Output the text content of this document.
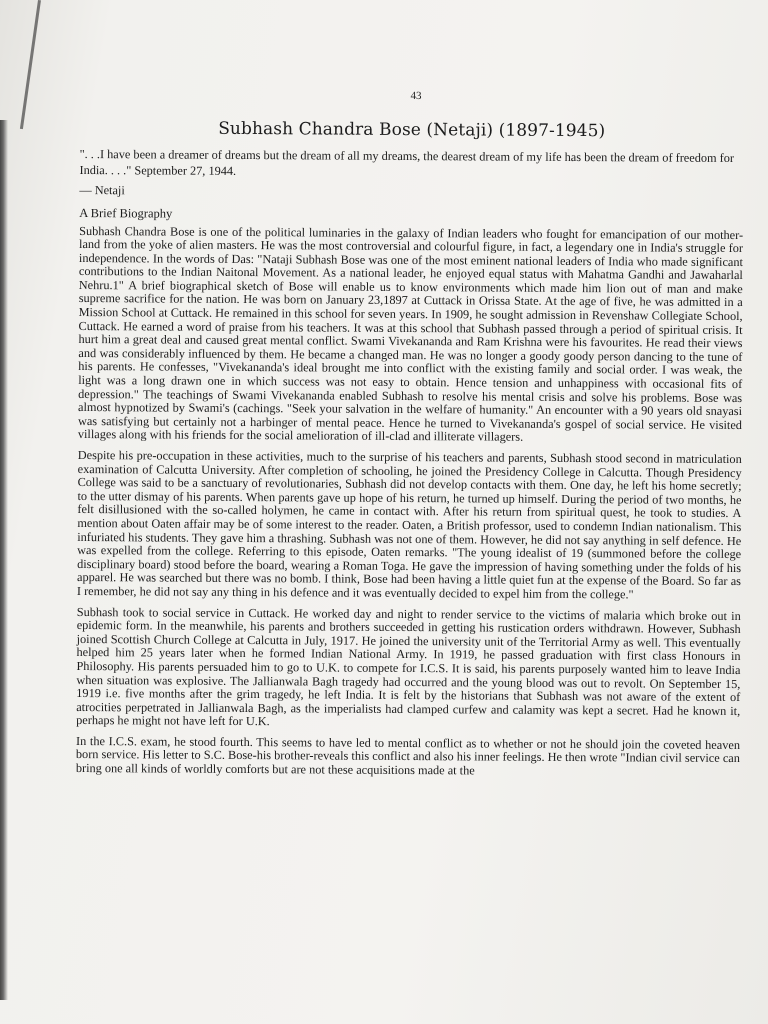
43
Subhash Chandra Bose (Netaji) (1897-1945)

". . .I have been a dreamer of dreams but the dream of all my dreams, the dearest dream of my life has been the dream of freedom for India. . . ." September 27, 1944.

— Netaji

A Brief Biography

Subhash Chandra Bose is one of the political luminaries in the galaxy of Indian leaders who fought for emancipation of our mother-land from the yoke of alien masters. He was the most controversial and colourful figure, in fact, a legendary one in India's struggle for independence. In the words of Das: "Nataji Subhash Bose was one of the most eminent national leaders of India who made significant contributions to the Indian Naitonal Movement. As a national leader, he enjoyed equal status with Mahatma Gandhi and Jawaharlal Nehru.1" A brief biographical sketch of Bose will enable us to know environments which made him lion out of man and make supreme sacrifice for the nation. He was born on January 23,1897 at Cuttack in Orissa State. At the age of five, he was admitted in a Mission School at Cuttack. He remained in this school for seven years. In 1909, he sought admission in Revenshaw Collegiate School, Cuttack. He earned a word of praise from his teachers. It was at this school that Subhash passed through a period of spiritual crisis. It hurt him a great deal and caused great mental conflict. Swami Vivekananda and Ram Krishna were his favourites. He read their views and was considerably influenced by them. He became a changed man. He was no longer a goody goody person dancing to the tune of his parents. He confesses, "Vivekananda's ideal brought me into conflict with the existing family and social order. I was weak, the light was a long drawn one in which success was not easy to obtain. Hence tension and unhappiness with occasional fits of depression." The teachings of Swami Vivekananda enabled Subhash to resolve his mental crisis and solve his problems. Bose was almost hypnotized by Swami's (cachings. "Seek your salvation in the welfare of humanity." An encounter with a 90 years old snayasi was satisfying but certainly not a harbinger of mental peace. Hence he turned to Vivekananda's gospel of social service. He visited villages along with his friends for the social amelioration of ill-clad and illiterate villagers.

Despite his pre-occupation in these activities, much to the surprise of his teachers and parents, Subhash stood second in matriculation examination of Calcutta University. After completion of schooling, he joined the Presidency College in Calcutta. Though Presidency College was said to be a sanctuary of revolutionaries, Subhash did not develop contacts with them. One day, he left his home secretly; to the utter dismay of his parents. When parents gave up hope of his return, he turned up himself. During the period of two months, he felt disillusioned with the so-called holymen, he came in contact with. After his return from spiritual quest, he took to studies. A mention about Oaten affair may be of some interest to the reader. Oaten, a British professor, used to condemn Indian nationalism. This infuriated his students. They gave him a thrashing. Subhash was not one of them. However, he did not say anything in self defence. He was expelled from the college. Referring to this episode, Oaten remarks. "The young idealist of 19 (summoned before the college disciplinary board) stood before the board, wearing a Roman Toga. He gave the impression of having something under the folds of his apparel. He was searched but there was no bomb. I think, Bose had been having a little quiet fun at the expense of the Board. So far as I remember, he did not say any thing in his defence and it was eventually decided to expel him from the college."

Subhash took to social service in Cuttack. He worked day and night to render service to the victims of malaria which broke out in epidemic form. In the meanwhile, his parents and brothers succeeded in getting his rustication orders withdrawn. However, Subhash joined Scottish Church College at Calcutta in July, 1917. He joined the university unit of the Territorial Army as well. This eventually helped him 25 years later when he formed Indian National Army. In 1919, he passed graduation with first class Honours in Philosophy. His parents persuaded him to go to U.K. to compete for I.C.S. It is said, his parents purposely wanted him to leave India when situation was explosive. The Jallianwala Bagh tragedy had occurred and the young blood was out to revolt. On September 15, 1919 i.e. five months after the grim tragedy, he left India. It is felt by the historians that Subhash was not aware of the extent of atrocities perpetrated in Jallianwala Bagh, as the imperialists had clamped curfew and calamity was kept a secret. Had he known it, perhaps he might not have left for U.K.

In the I.C.S. exam, he stood fourth. This seems to have led to mental conflict as to whether or not he should join the coveted heaven born service. His letter to S.C. Bose-his brother-reveals this conflict and also his inner feelings. He then wrote "Indian civil service can bring one all kinds of worldly comforts but are not these acquisitions made at the
